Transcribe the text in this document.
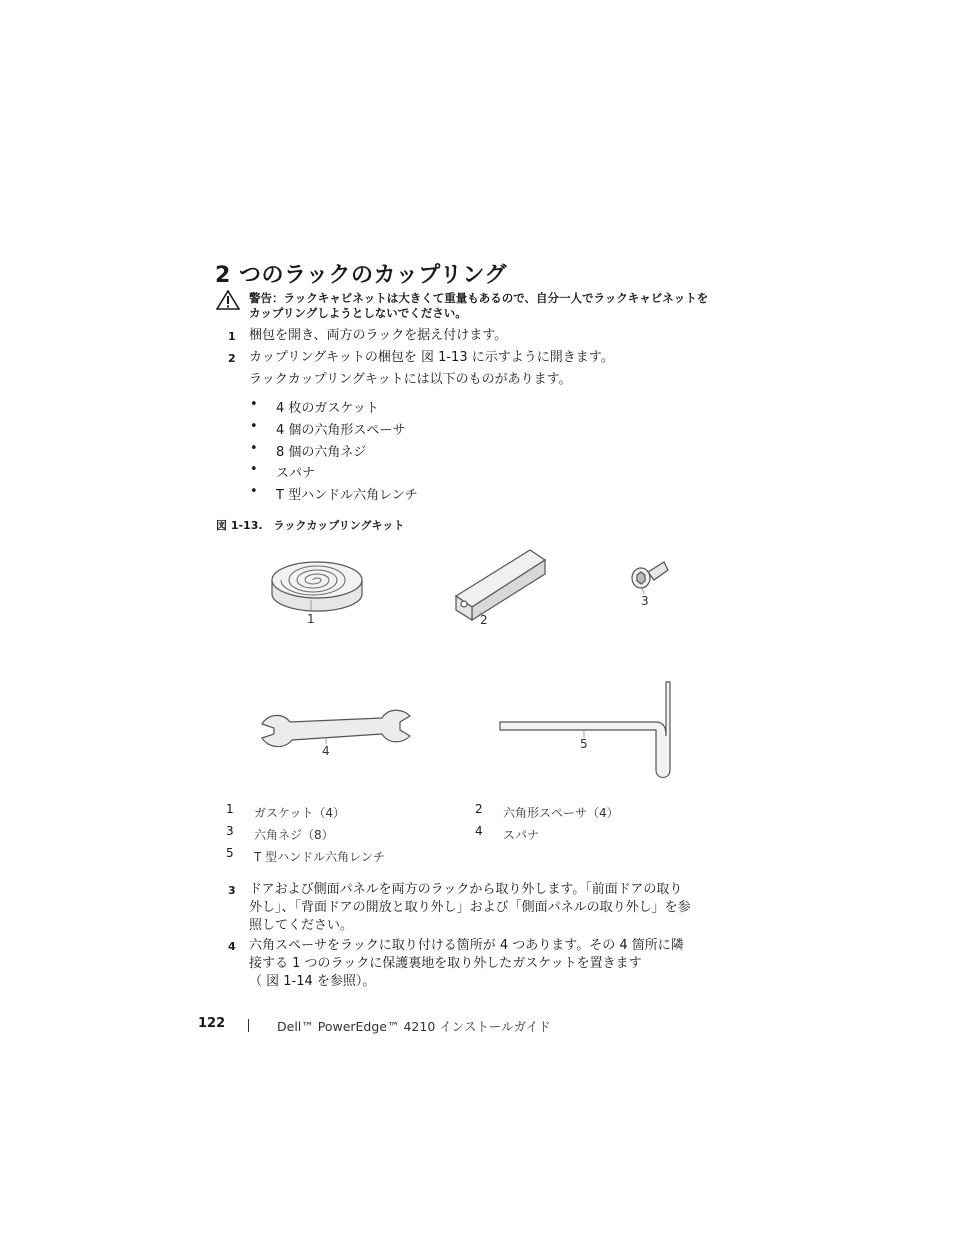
2 つのラックのカップリング
警告：ラックキャビネットは大きくて重量もあるので、自分一人でラックキャビネットをカップリングしようとしないでください。
1	梱包を開き、両方のラックを据え付けます。
2	カップリングキットの梱包を 図 1-13 に示すように開きます。
ラックカップリングキットには以下のものがあります。
• 4 枚のガスケット
• 4 個の六角形スペーサ
• 8 個の六角ネジ
• スパナ
• T 型ハンドル六角レンチ
図 1-13.　ラックカップリングキット
1	2
3
4	5
1 ガスケット（4）	2 六角形スペーサ（4）
3 六角ネジ（8）	4 スパナ
5 T 型ハンドル六角レンチ
3	ドアおよび側面パネルを両方のラックから取り外します。「前面ドアの取り
外し」、「背面ドアの開放と取り外し」および「側面パネルの取り外し」を参
照してください。
4	六角スペーサをラックに取り付ける箇所が 4 つあります。その 4 箇所に隣
接する 1 つのラックに保護裏地を取り外したガスケットを置きます
（ 図 1-14 を参照）。
122	Dell™ PowerEdge™ 4210 インストールガイド
